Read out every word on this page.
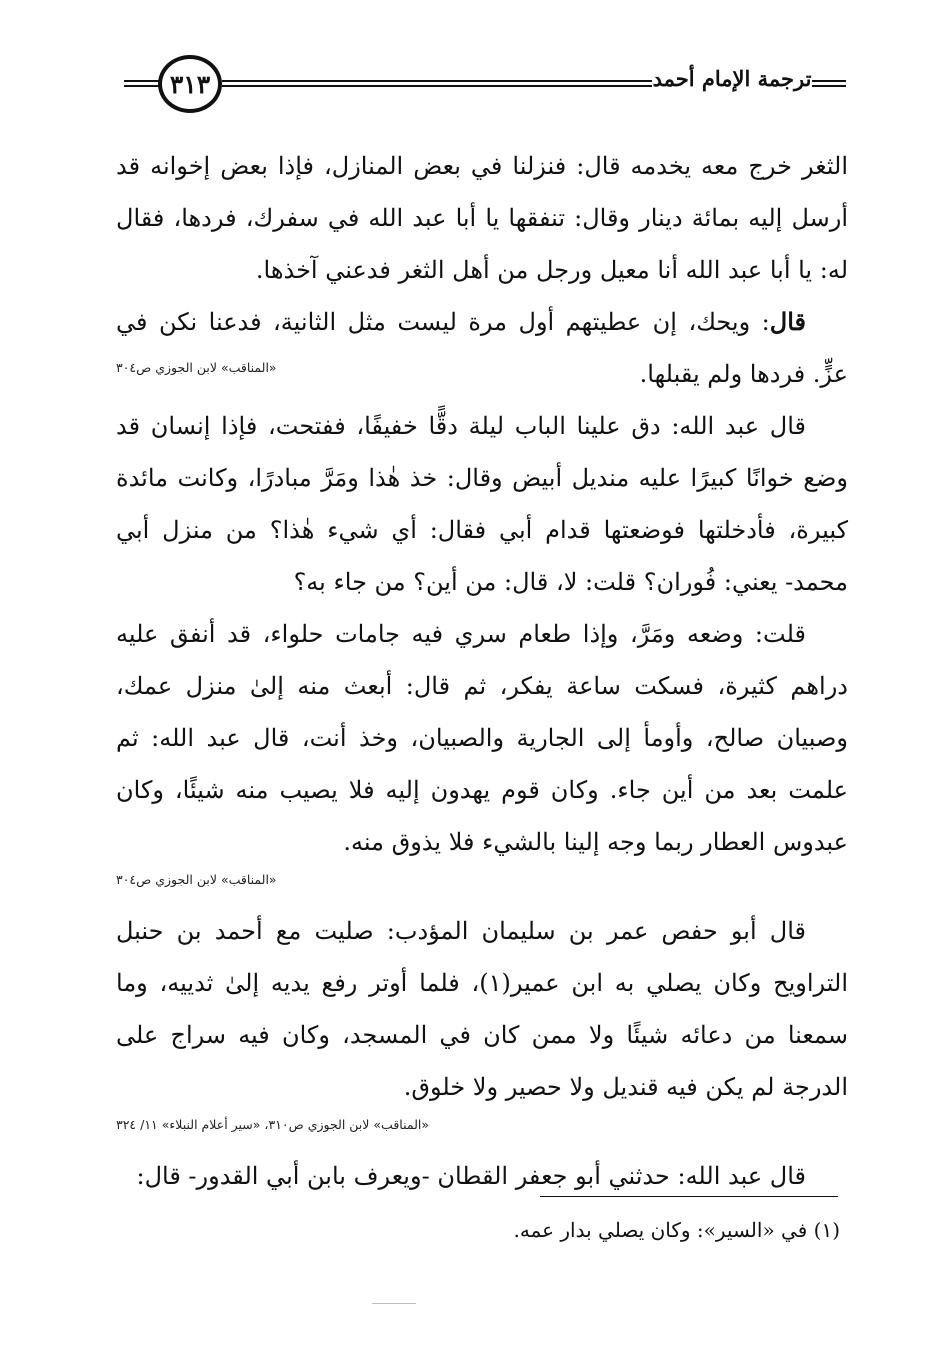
٣١٣	ترجمة الإمام أحمد

الثغر خرج معه يخدمه قال: فنزلنا في بعض المنازل، فإذا بعض إخوانه قد أرسل إليه بمائة دينار وقال: تنفقها يا أبا عبد الله في سفرك، فردها، فقال له: يا أبا عبد الله أنا معيل ورجل من أهل الثغر فدعني آخذها.

قال: ويحك، إن عطيتهم أول مرة ليست مثل الثانية، فدعنا نكن في عزٍّ. فردها ولم يقبلها.

«المناقب» لابن الجوزي ص٣٠٤

قال عبد الله: دق علينا الباب ليلة دقًّا خفيفًا، ففتحت، فإذا إنسان قد وضع خوانًا كبيرًا عليه منديل أبيض وقال: خذ هٰذا ومَرَّ مبادرًا، وكانت مائدة كبيرة، فأدخلتها فوضعتها قدام أبي فقال: أي شيء هٰذا؟ من منزل أبي محمد- يعني: فُوران؟ قلت: لا، قال: من أين؟ من جاء به؟

قلت: وضعه ومَرَّ، وإذا طعام سري فيه جامات حلواء، قد أنفق عليه دراهم كثيرة، فسكت ساعة يفكر، ثم قال: أبعث منه إلىٰ منزل عمك، وصبيان صالح، وأومأ إلى الجارية والصبيان، وخذ أنت، قال عبد الله: ثم علمت بعد من أين جاء. وكان قوم يهدون إليه فلا يصيب منه شيئًا، وكان عبدوس العطار ربما وجه إلينا بالشيء فلا يذوق منه.

«المناقب» لابن الجوزي ص٣٠٤

قال أبو حفص عمر بن سليمان المؤدب: صليت مع أحمد بن حنبل التراويح وكان يصلي به ابن عمير(١)، فلما أوتر رفع يديه إلىٰ ثدييه، وما سمعنا من دعائه شيئًا ولا ممن كان في المسجد، وكان فيه سراج على الدرجة لم يكن فيه قنديل ولا حصير ولا خلوق.

«المناقب» لابن الجوزي ص٣١٠، «سير أعلام النبلاء» ١١/ ٣٢٤

قال عبد الله: حدثني أبو جعفر القطان -ويعرف بابن أبي القدور- قال:

(١) في «السير»: وكان يصلي بدار عمه.
